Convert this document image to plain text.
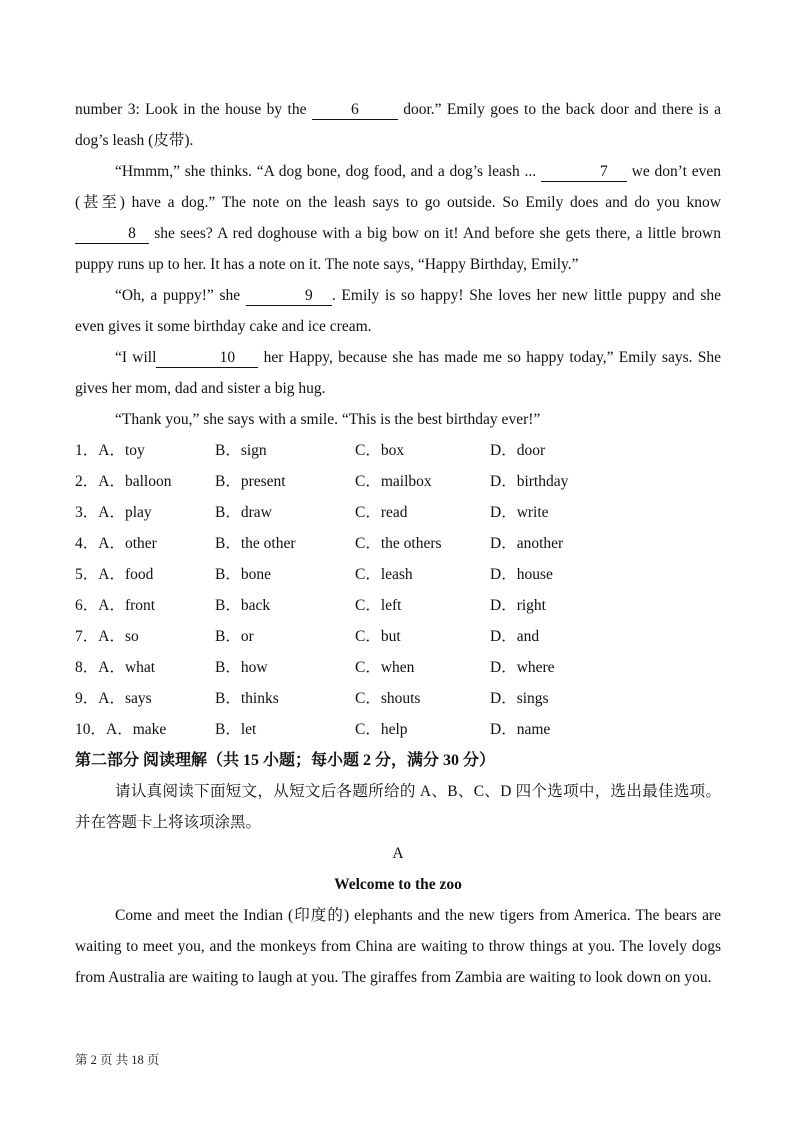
number 3: Look in the house by the	6	door.” Emily goes to the back door and there is a dog’s leash (皮带).

“Hmmm,” she thinks. “A dog bone, dog food, and a dog’s leash ...	7 we don’t even (甚至) have a dog.” The note on the leash says to go outside. So Emily does and do you know 8 she sees? A red doghouse with a big bow on it! And before she gets there, a little brown puppy runs up to her. It has a note on it. The note says, “Happy Birthday, Emily.”

“Oh, a puppy!” she	9 . Emily is so happy! She loves her new little puppy and she even gives it some birthday cake and ice cream.

“I will	10 her Happy, because she has made me so happy today,” Emily says. She gives her mom, dad and sister a big hug.

“Thank you,” she says with a smile. “This is the best birthday ever!”

1．A．toy	B．sign	C．box	D．door
2．A．balloon	B．present	C．mailbox	D．birthday
3．A．play	B．draw	C．read	D．write
4．A．other	B．the other	C．the others	D．another
5．A．food	B．bone	C．leash	D．house
6．A．front	B．back	C．left	D．right
7．A．so	B．or	C．but	D．and
8．A．what	B．how	C．when	D．where
9．A．says	B．thinks	C．shouts	D．sings
10．A．make	B．let	C．help	D．name
第二部分 阅读理解（共 15 小题；每小题 2 分，满分 30 分）

请认真阅读下面短文，从短文后各题所给的 A、B、C、D 四个选项中，选出最佳选项。并在答题卡上将该项涂黑。

A

Welcome to the zoo

Come and meet the Indian (印度的) elephants and the new tigers from America. The bears are waiting to meet you, and the monkeys from China are waiting to throw things at you. The lovely dogs from Australia are waiting to laugh at you. The giraffes from Zambia are waiting to look down on you.

第 2 页 共 18 页
